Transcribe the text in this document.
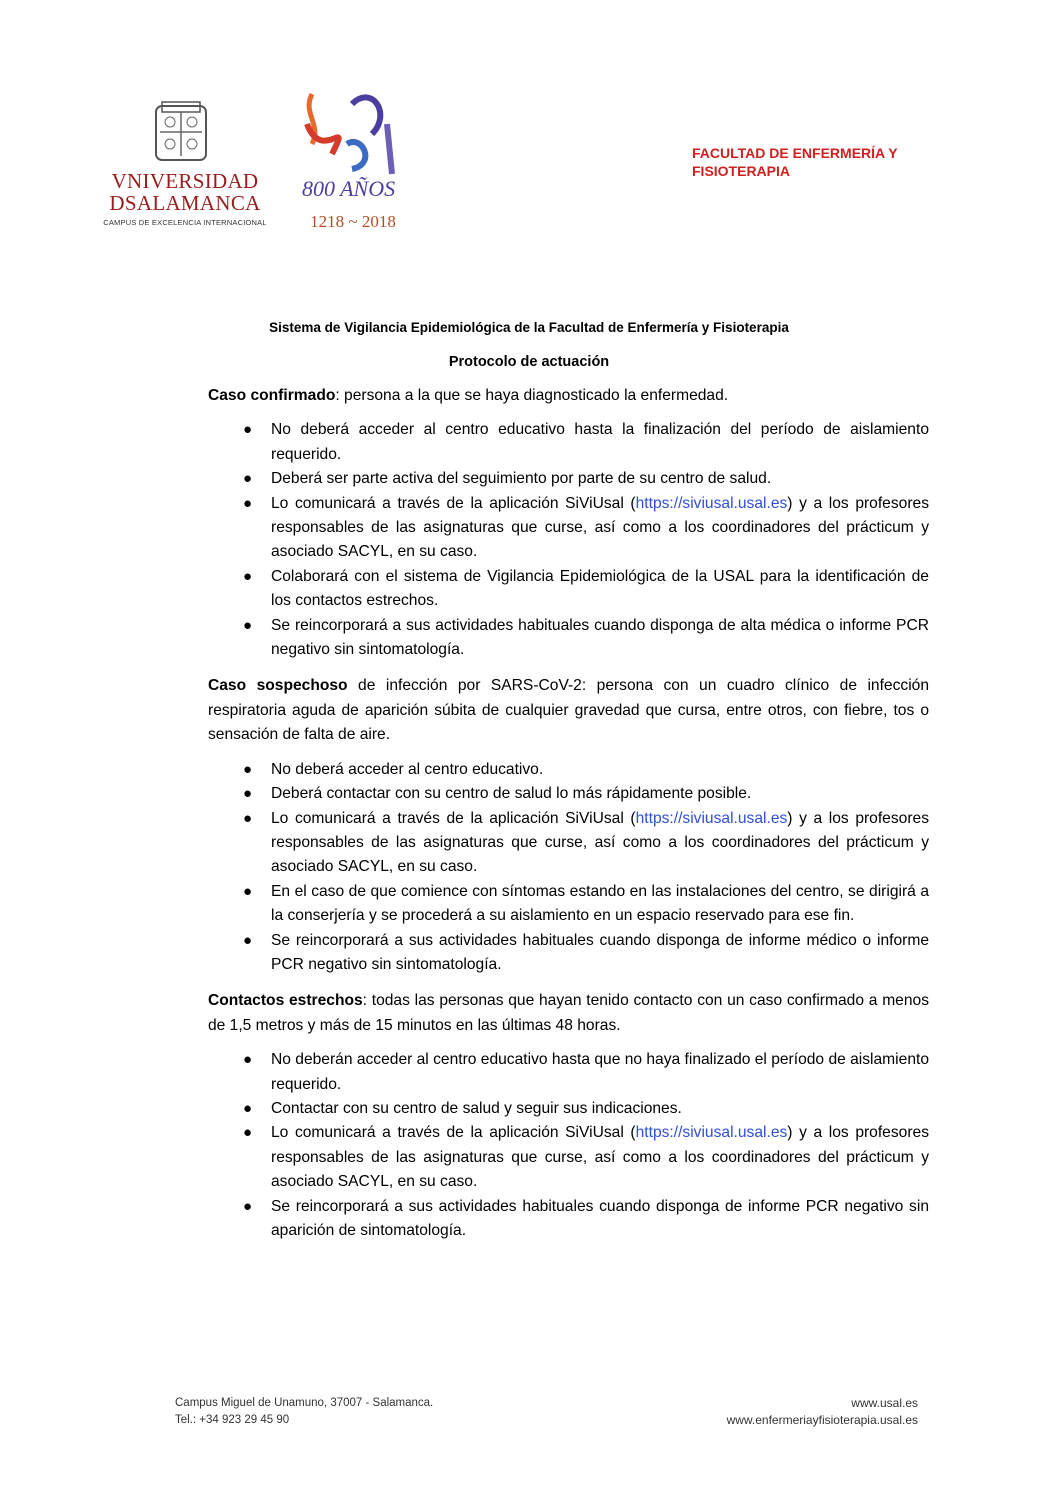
VNIVERSIDAD
DSALAMANCA
CAMPUS DE EXCELENCIA INTERNACIONAL
800 AÑOS
1218 ~ 2018
FACULTAD DE ENFERMERÍA Y FISIOTERAPIA
Sistema de Vigilancia Epidemiológica de la Facultad de Enfermería y Fisioterapia
Protocolo de actuación

Caso confirmado: persona a la que se haya diagnosticado la enfermedad.

● No deberá acceder al centro educativo hasta la finalización del período de aislamiento requerido.
● Deberá ser parte activa del seguimiento por parte de su centro de salud.
● Lo comunicará a través de la aplicación SiViUsal (https://siviusal.usal.es) y a los profesores responsables de las asignaturas que curse, así como a los coordinadores del prácticum y asociado SACYL, en su caso.
● Colaborará con el sistema de Vigilancia Epidemiológica de la USAL para la identificación de los contactos estrechos.
● Se reincorporará a sus actividades habituales cuando disponga de alta médica o informe PCR negativo sin sintomatología.

Caso sospechoso de infección por SARS-CoV-2: persona con un cuadro clínico de infección respiratoria aguda de aparición súbita de cualquier gravedad que cursa, entre otros, con fiebre, tos o sensación de falta de aire.

● No deberá acceder al centro educativo.
● Deberá contactar con su centro de salud lo más rápidamente posible.
● Lo comunicará a través de la aplicación SiViUsal (https://siviusal.usal.es) y a los profesores responsables de las asignaturas que curse, así como a los coordinadores del prácticum y asociado SACYL, en su caso.
● En el caso de que comience con síntomas estando en las instalaciones del centro, se dirigirá a la conserjería y se procederá a su aislamiento en un espacio reservado para ese fin.
● Se reincorporará a sus actividades habituales cuando disponga de informe médico o informe PCR negativo sin sintomatología.

Contactos estrechos: todas las personas que hayan tenido contacto con un caso confirmado a menos de 1,5 metros y más de 15 minutos en las últimas 48 horas.

● No deberán acceder al centro educativo hasta que no haya finalizado el período de aislamiento requerido.
● Contactar con su centro de salud y seguir sus indicaciones.
● Lo comunicará a través de la aplicación SiViUsal (https://siviusal.usal.es) y a los profesores responsables de las asignaturas que curse, así como a los coordinadores del prácticum y asociado SACYL, en su caso.
● Se reincorporará a sus actividades habituales cuando disponga de informe PCR negativo sin aparición de sintomatología.
Campus Miguel de Unamuno, 37007 - Salamanca.
Tel.: +34 923 29 45 90
www.usal.es
www.enfermeriayfisioterapia.usal.es
